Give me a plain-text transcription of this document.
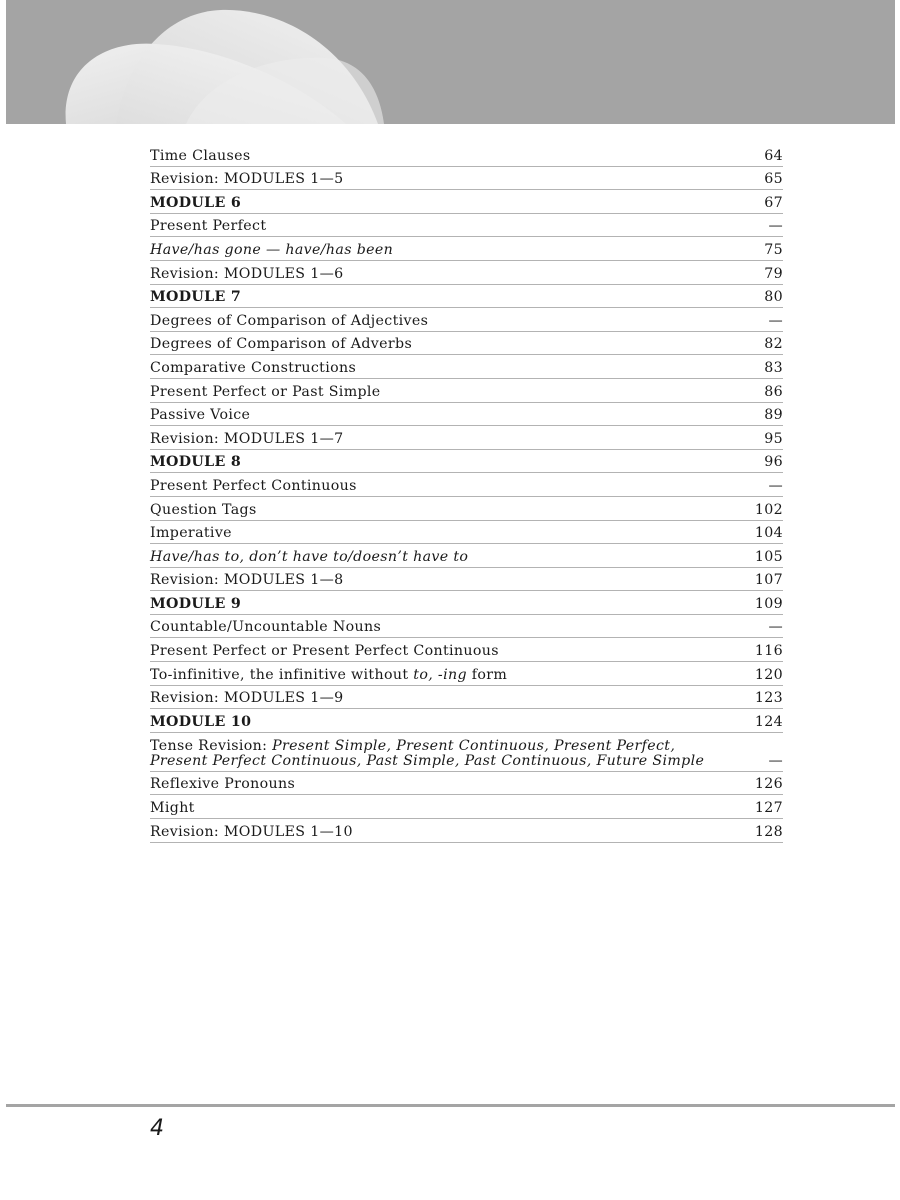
Time Clauses	64
Revision: MODULES 1—5	65
MODULE 6	67
Present Perfect	—
Have/has gone — have/has been	75
Revision: MODULES 1—6	79
MODULE 7	80
Degrees of Comparison of Adjectives	—
Degrees of Comparison of Adverbs	82
Comparative Constructions	83
Present Perfect or Past Simple	86
Passive Voice	89
Revision: MODULES 1—7	95
MODULE 8	96
Present Perfect Continuous	—
Question Tags	102
Imperative	104
Have/has to, don’t have to/doesn’t have to	105
Revision: MODULES 1—8	107
MODULE 9	109
Countable/Uncountable Nouns	—
Present Perfect or Present Perfect Continuous	116
To-infinitive, the infinitive without to, -ing form	120
Revision: MODULES 1—9	123
MODULE 10	124
Tense Revision: Present Simple, Present Continuous, Present Perfect,
Present Perfect Continuous, Past Simple, Past Continuous, Future Simple	—
Reflexive Pronouns	126
Might	127
Revision: MODULES 1—10	128
4
